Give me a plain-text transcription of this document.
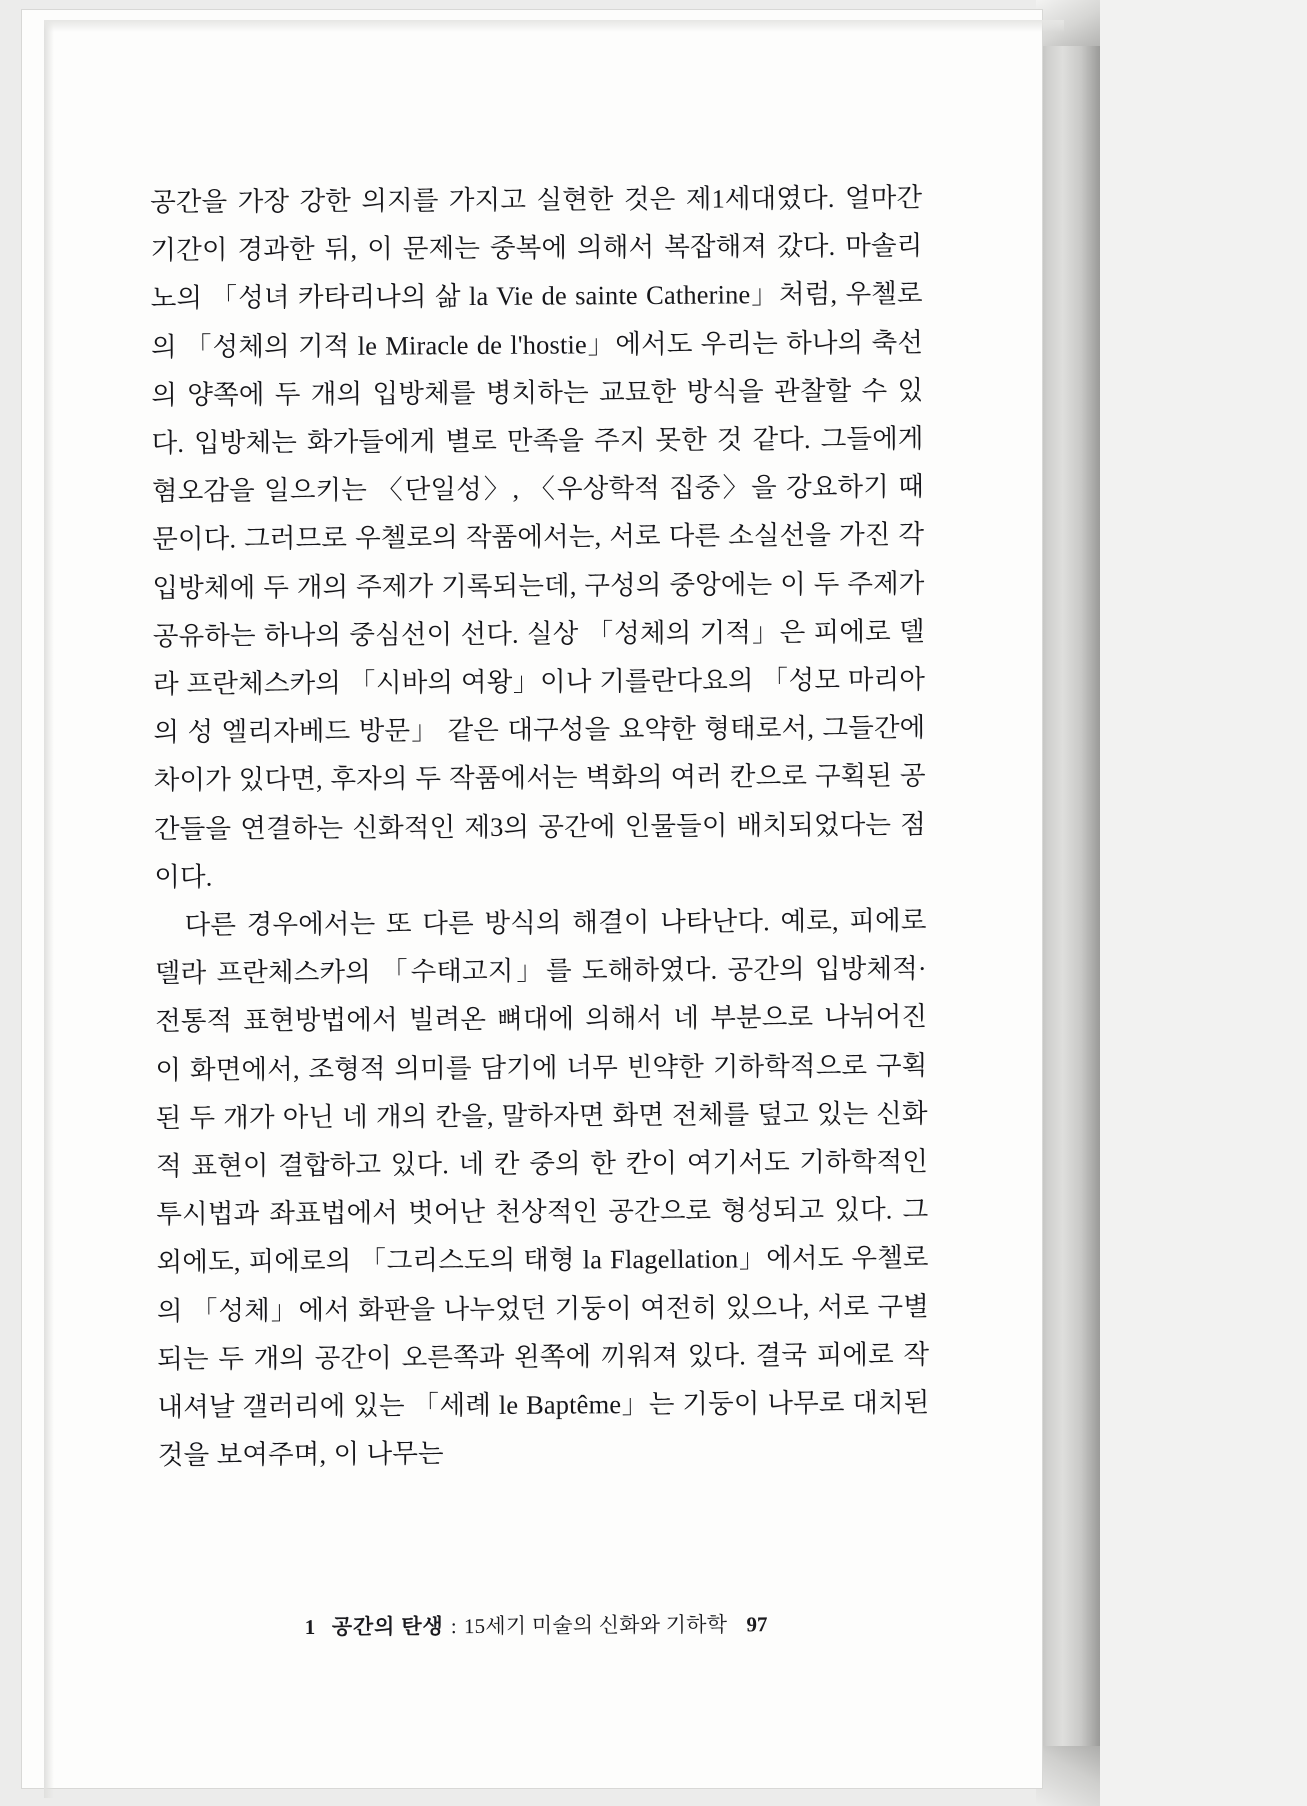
공간을 가장 강한 의지를 가지고 실현한 것은 제1세대였다. 얼마간 기간이 경과한 뒤, 이 문제는 중복에 의해서 복잡해져 갔다. 마솔리노의 「성녀 카타리나의 삶 la Vie de sainte Catherine」처럼, 우첼로의 「성체의 기적 le Miracle de l'hostie」에서도 우리는 하나의 축선의 양쪽에 두 개의 입방체를 병치하는 교묘한 방식을 관찰할 수 있다. 입방체는 화가들에게 별로 만족을 주지 못한 것 같다. 그들에게 혐오감을 일으키는 〈단일성〉, 〈우상학적 집중〉을 강요하기 때문이다. 그러므로 우첼로의 작품에서는, 서로 다른 소실선을 가진 각 입방체에 두 개의 주제가 기록되는데, 구성의 중앙에는 이 두 주제가 공유하는 하나의 중심선이 선다. 실상 「성체의 기적」은 피에로 델라 프란체스카의 「시바의 여왕」이나 기를란다요의 「성모 마리아의 성 엘리자베드 방문」 같은 대구성을 요약한 형태로서, 그들간에 차이가 있다면, 후자의 두 작품에서는 벽화의 여러 칸으로 구획된 공간들을 연결하는 신화적인 제3의 공간에 인물들이 배치되었다는 점이다.

다른 경우에서는 또 다른 방식의 해결이 나타난다. 예로, 피에로 델라 프란체스카의 「수태고지」를 도해하였다. 공간의 입방체적·전통적 표현방법에서 빌려온 뼈대에 의해서 네 부분으로 나뉘어진 이 화면에서, 조형적 의미를 담기에 너무 빈약한 기하학적으로 구획된 두 개가 아닌 네 개의 칸을, 말하자면 화면 전체를 덮고 있는 신화적 표현이 결합하고 있다. 네 칸 중의 한 칸이 여기서도 기하학적인 투시법과 좌표법에서 벗어난 천상적인 공간으로 형성되고 있다. 그 외에도, 피에로의 「그리스도의 태형 la Flagellation」에서도 우첼로의 「성체」에서 화판을 나누었던 기둥이 여전히 있으나, 서로 구별되는 두 개의 공간이 오른쪽과 왼쪽에 끼워져 있다. 결국 피에로 작 내셔날 갤러리에 있는 「세례 le Baptême」는 기둥이 나무로 대치된 것을 보여주며, 이 나무는

1 공간의 탄생 : 15세기 미술의 신화와 기하학 97
